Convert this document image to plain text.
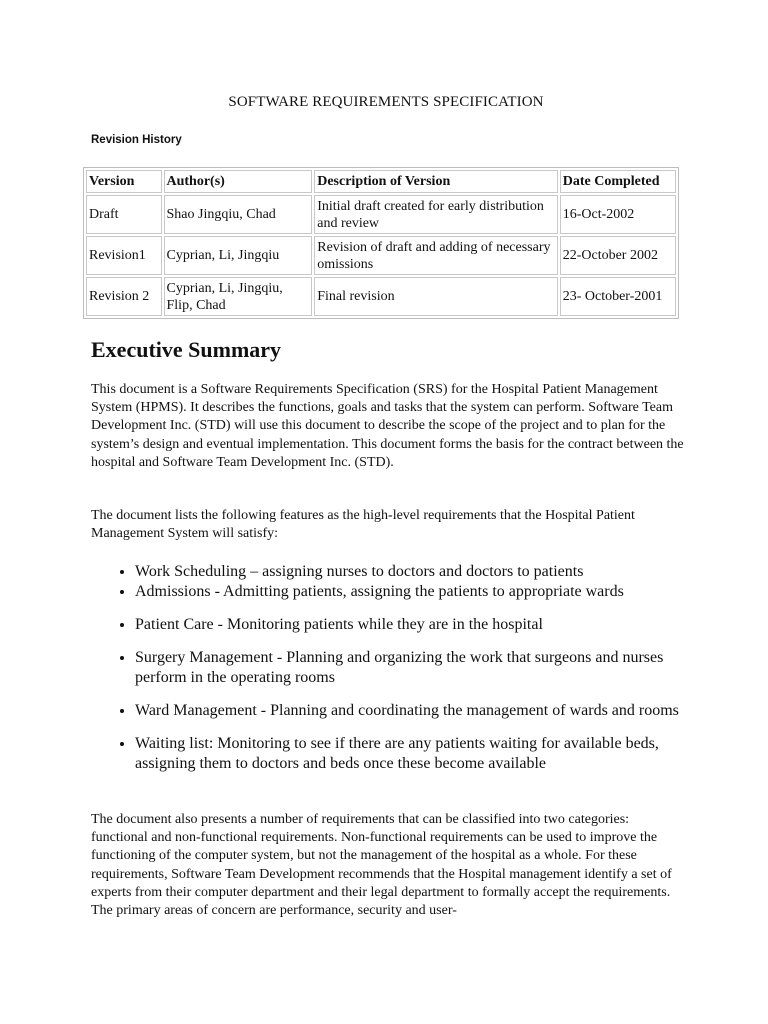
SOFTWARE REQUIREMENTS SPECIFICATION
Revision History
Version	Author(s)	Description of Version	Date Completed
Draft	Shao Jingqiu, Chad	Initial draft created for early distribution and review	16-Oct-2002
Revision1	Cyprian, Li, Jingqiu	Revision of draft and adding of necessary omissions	22-October 2002
Revision 2	Cyprian, Li, Jingqiu, Flip, Chad	Final revision	23- October-2001
Executive Summary
This document is a Software Requirements Specification (SRS) for the Hospital Patient Management System (HPMS). It describes the functions, goals and tasks that the system can perform. Software Team Development Inc. (STD) will use this document to describe the scope of the project and to plan for the system’s design and eventual implementation. This document forms the basis for the contract between the hospital and Software Team Development Inc. (STD).
The document lists the following features as the high-level requirements that the Hospital Patient Management System will satisfy:
• Work Scheduling – assigning nurses to doctors and doctors to patients
• Admissions - Admitting patients, assigning the patients to appropriate wards
• Patient Care - Monitoring patients while they are in the hospital
• Surgery Management - Planning and organizing the work that surgeons and nurses perform in the operating rooms
• Ward Management - Planning and coordinating the management of wards and rooms
• Waiting list: Monitoring to see if there are any patients waiting for available beds, assigning them to doctors and beds once these become available
The document also presents a number of requirements that can be classified into two categories: functional and non-functional requirements. Non-functional requirements can be used to improve the functioning of the computer system, but not the management of the hospital as a whole. For these requirements, Software Team Development recommends that the Hospital management identify a set of experts from their computer department and their legal department to formally accept the requirements. The primary areas of concern are performance, security and user-
